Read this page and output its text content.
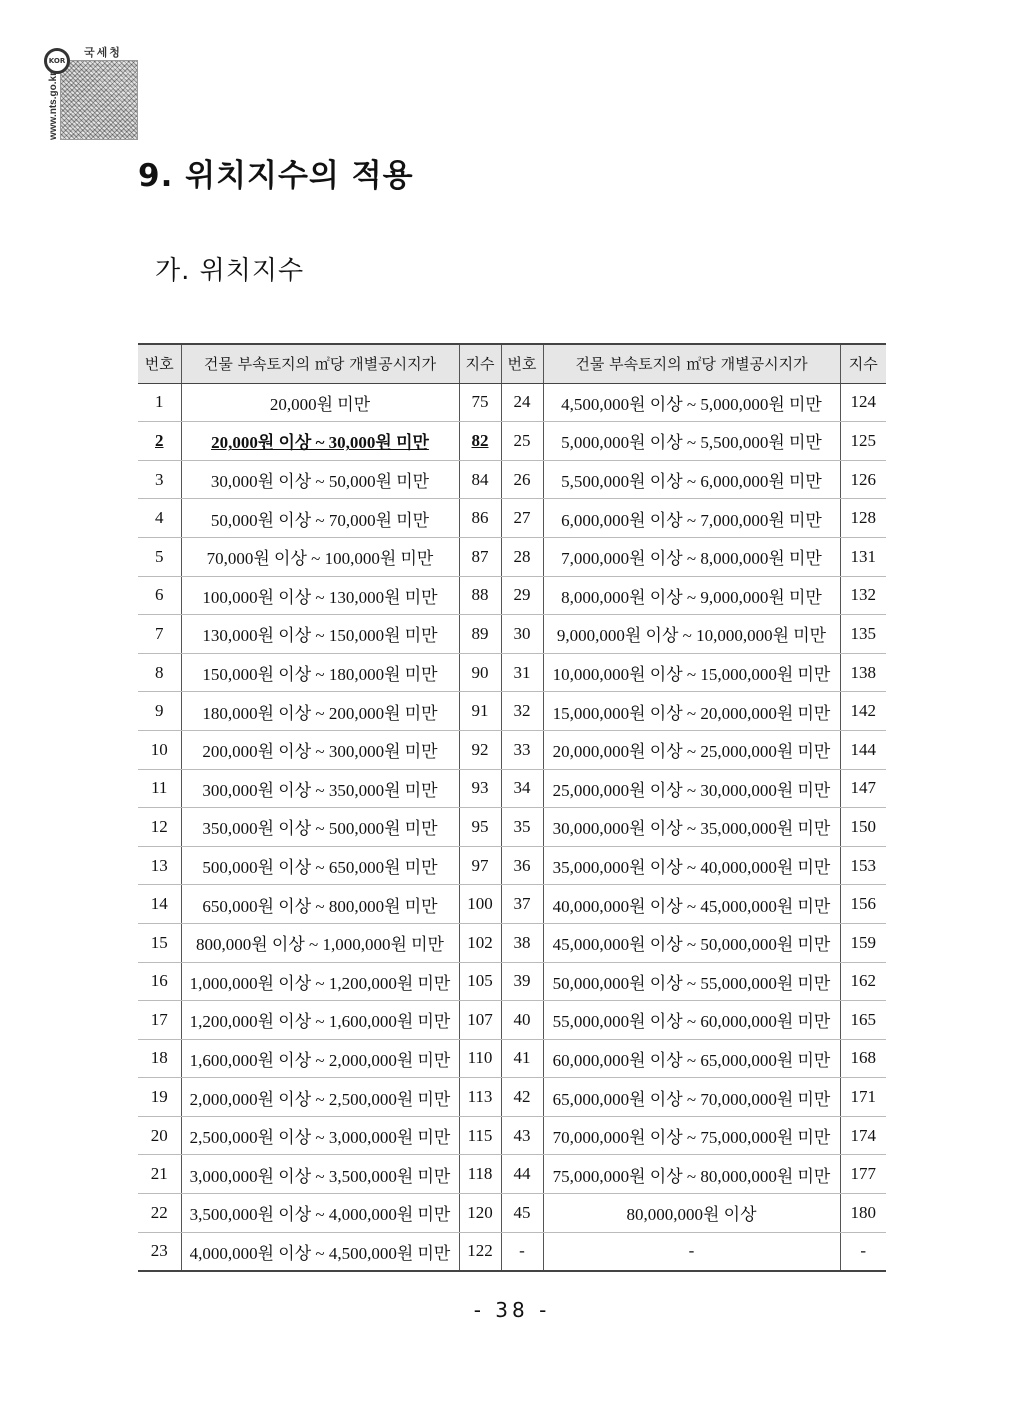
국세청
KOR
www.nts.go.kr
9. 위치지수의 적용
가. 위치지수
번호	건물 부속토지의 ㎡당 개별공시지가	지수	번호	건물 부속토지의 ㎡당 개별공시지가	지수
1	20,000원 미만	75	24	4,500,000원 이상 ~ 5,000,000원 미만	124
2	20,000원 이상 ~ 30,000원 미만	82	25	5,000,000원 이상 ~ 5,500,000원 미만	125
3	30,000원 이상 ~ 50,000원 미만	84	26	5,500,000원 이상 ~ 6,000,000원 미만	126
4	50,000원 이상 ~ 70,000원 미만	86	27	6,000,000원 이상 ~ 7,000,000원 미만	128
5	70,000원 이상 ~ 100,000원 미만	87	28	7,000,000원 이상 ~ 8,000,000원 미만	131
6	100,000원 이상 ~ 130,000원 미만	88	29	8,000,000원 이상 ~ 9,000,000원 미만	132
7	130,000원 이상 ~ 150,000원 미만	89	30	9,000,000원 이상 ~ 10,000,000원 미만	135
8	150,000원 이상 ~ 180,000원 미만	90	31	10,000,000원 이상 ~ 15,000,000원 미만	138
9	180,000원 이상 ~ 200,000원 미만	91	32	15,000,000원 이상 ~ 20,000,000원 미만	142
10	200,000원 이상 ~ 300,000원 미만	92	33	20,000,000원 이상 ~ 25,000,000원 미만	144
11	300,000원 이상 ~ 350,000원 미만	93	34	25,000,000원 이상 ~ 30,000,000원 미만	147
12	350,000원 이상 ~ 500,000원 미만	95	35	30,000,000원 이상 ~ 35,000,000원 미만	150
13	500,000원 이상 ~ 650,000원 미만	97	36	35,000,000원 이상 ~ 40,000,000원 미만	153
14	650,000원 이상 ~ 800,000원 미만	100	37	40,000,000원 이상 ~ 45,000,000원 미만	156
15	800,000원 이상 ~ 1,000,000원 미만	102	38	45,000,000원 이상 ~ 50,000,000원 미만	159
16	1,000,000원 이상 ~ 1,200,000원 미만	105	39	50,000,000원 이상 ~ 55,000,000원 미만	162
17	1,200,000원 이상 ~ 1,600,000원 미만	107	40	55,000,000원 이상 ~ 60,000,000원 미만	165
18	1,600,000원 이상 ~ 2,000,000원 미만	110	41	60,000,000원 이상 ~ 65,000,000원 미만	168
19	2,000,000원 이상 ~ 2,500,000원 미만	113	42	65,000,000원 이상 ~ 70,000,000원 미만	171
20	2,500,000원 이상 ~ 3,000,000원 미만	115	43	70,000,000원 이상 ~ 75,000,000원 미만	174
21	3,000,000원 이상 ~ 3,500,000원 미만	118	44	75,000,000원 이상 ~ 80,000,000원 미만	177
22	3,500,000원 이상 ~ 4,000,000원 미만	120	45	80,000,000원 이상	180
23	4,000,000원 이상 ~ 4,500,000원 미만	122	-	-	-
- 38 -
